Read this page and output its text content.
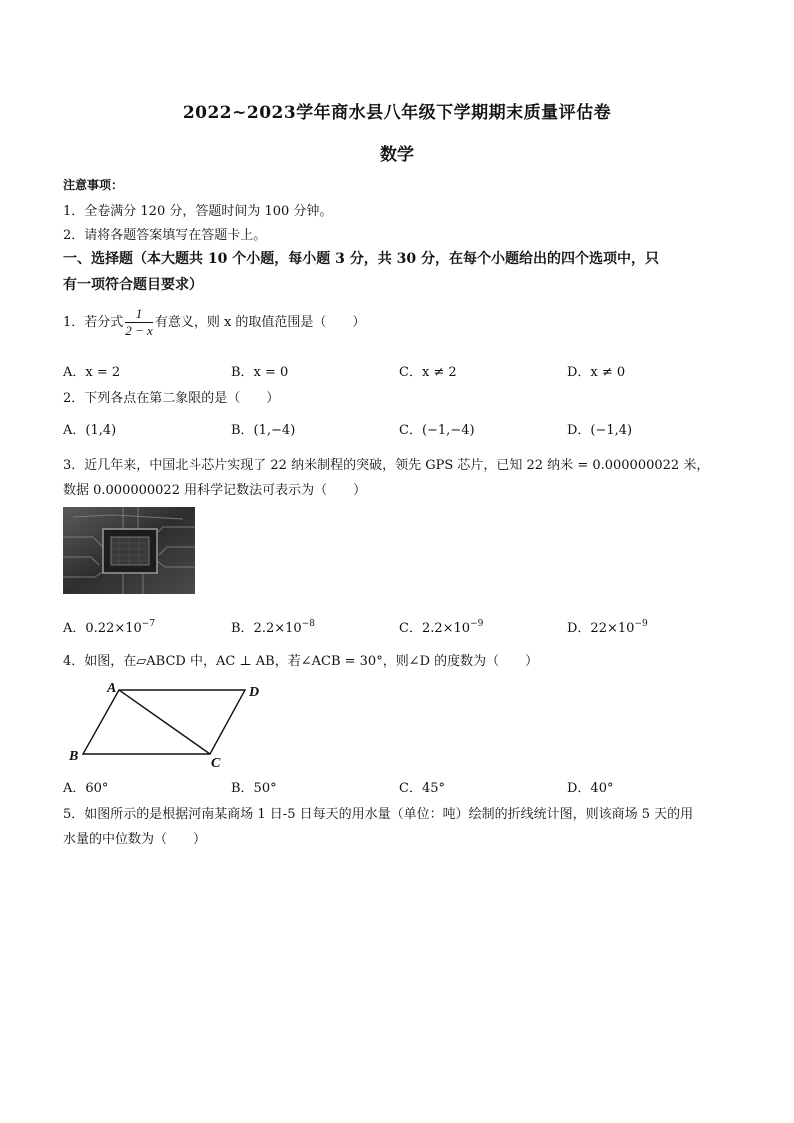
2022~2023学年商水县八年级下学期期末质量评估卷
数学
注意事项：
1．全卷满分 120 分，答题时间为 100 分钟。
2．请将各题答案填写在答题卡上。
一、选择题（本大题共 10 个小题，每小题 3 分，共 30 分，在每个小题给出的四个选项中，只
有一项符合题目要求）
1．若分式 $\frac{1}{2 - x}$ 有意义，则 x 的取值范围是（　　）
A．x = 2	B．x = 0	C．x ≠ 2	D．x ≠ 0
2．下列各点在第二象限的是（　　）
A．(1,4)	B．(1,−4)	C．(−1,−4)	D．(−1,4)
3．近几年来，中国北斗芯片实现了 22 纳米制程的突破，领先 GPS 芯片，已知 22 纳米 = 0.000000022 米，
数据 0.000000022 用科学记数法可表示为（　　）
A．$0.22\times 10^{-7}$	B．$2.2\times 10^{-8}$	C．$2.2\times 10^{-9}$	D．$22\times 10^{-9}$
4．如图，在▱ABCD 中，AC ⊥ AB，若∠ACB = 30°，则∠D 的度数为（　　）
A	D
B	C
A．60°	B．50°	C．45°	D．40°
5．如图所示的是根据河南某商场 1 日-5 日每天的用水量（单位：吨）绘制的折线统计图，则该商场 5 天的用
水量的中位数为（　　）
